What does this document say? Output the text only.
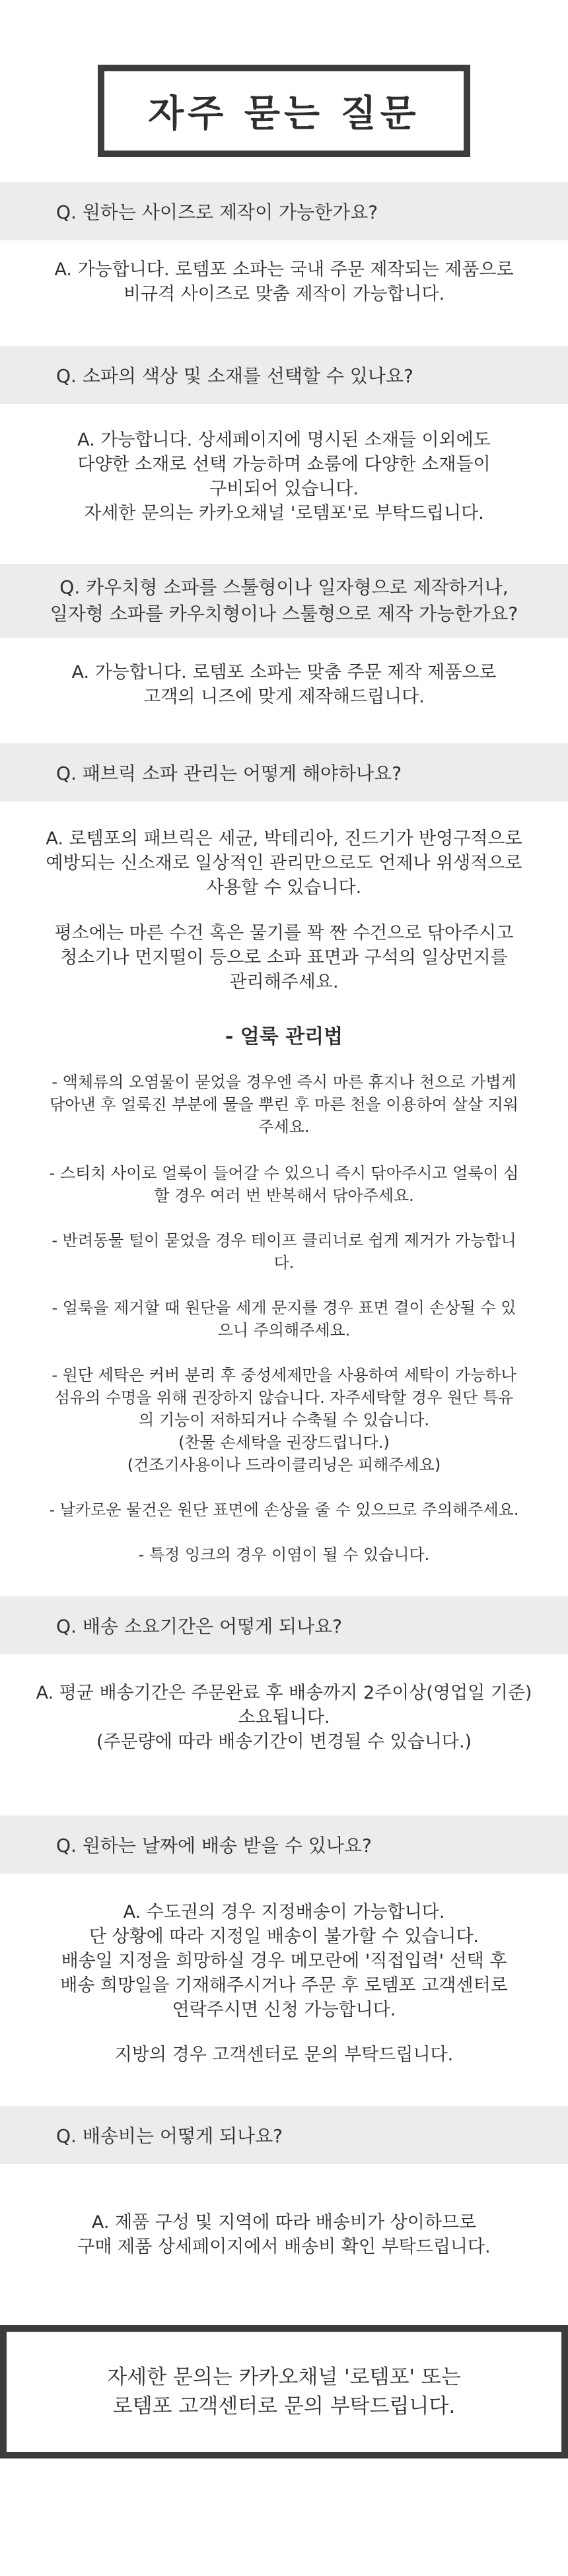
자주 묻는 질문
Q. 원하는 사이즈로 제작이 가능한가요?

A. 가능합니다. 로템포 소파는 국내 주문 제작되는 제품으로
비규격 사이즈로 맞춤 제작이 가능합니다.

Q. 소파의 색상 및 소재를 선택할 수 있나요?

A. 가능합니다. 상세페이지에 명시된 소재들 이외에도
다양한 소재로 선택 가능하며 쇼룸에 다양한 소재들이
구비되어 있습니다.
자세한 문의는 카카오채널 '로템포'로 부탁드립니다.

Q. 카우치형 소파를 스툴형이나 일자형으로 제작하거나,
일자형 소파를 카우치형이나 스툴형으로 제작 가능한가요?

A. 가능합니다. 로템포 소파는 맞춤 주문 제작 제품으로
고객의 니즈에 맞게 제작해드립니다.

Q. 패브릭 소파 관리는 어떻게 해야하나요?

A. 로템포의 패브릭은 세균, 박테리아, 진드기가 반영구적으로
예방되는 신소재로 일상적인 관리만으로도 언제나 위생적으로
사용할 수 있습니다.

평소에는 마른 수건 혹은 물기를 꽉 짠 수건으로 닦아주시고
청소기나 먼지떨이 등으로 소파 표면과 구석의 일상먼지를
관리해주세요.

- 얼룩 관리법

- 액체류의 오염물이 묻었을 경우엔 즉시 마른 휴지나 천으로 가볍게
닦아낸 후 얼룩진 부분에 물을 뿌린 후 마른 천을 이용하여 살살 지워
주세요.

- 스티치 사이로 얼룩이 들어갈 수 있으니 즉시 닦아주시고 얼룩이 심
할 경우 여러 번 반복해서 닦아주세요.

- 반려동물 털이 묻었을 경우 테이프 클리너로 쉽게 제거가 가능합니
다.

- 얼룩을 제거할 때 원단을 세게 문지를 경우 표면 결이 손상될 수 있
으니 주의해주세요.

- 원단 세탁은 커버 분리 후 중성세제만을 사용하여 세탁이 가능하나
섬유의 수명을 위해 권장하지 않습니다. 자주세탁할 경우 원단 특유
의 기능이 저하되거나 수축될 수 있습니다.
(찬물 손세탁을 권장드립니다.)
(건조기사용이나 드라이클리닝은 피해주세요)

- 날카로운 물건은 원단 표면에 손상을 줄 수 있으므로 주의해주세요.

- 특정 잉크의 경우 이염이 될 수 있습니다.

Q. 배송 소요기간은 어떻게 되나요?

A. 평균 배송기간은 주문완료 후 배송까지 2주이상(영업일 기준)
소요됩니다.
(주문량에 따라 배송기간이 변경될 수 있습니다.)

Q. 원하는 날짜에 배송 받을 수 있나요?

A. 수도권의 경우 지정배송이 가능합니다.
단 상황에 따라 지정일 배송이 불가할 수 있습니다.
배송일 지정을 희망하실 경우 메모란에 '직접입력' 선택 후
배송 희망일을 기재해주시거나 주문 후 로템포 고객센터로
연락주시면 신청 가능합니다.

지방의 경우 고객센터로 문의 부탁드립니다.

Q. 배송비는 어떻게 되나요?

A. 제품 구성 및 지역에 따라 배송비가 상이하므로
구매 제품 상세페이지에서 배송비 확인 부탁드립니다.

자세한 문의는 카카오채널 '로템포' 또는
로템포 고객센터로 문의 부탁드립니다.
